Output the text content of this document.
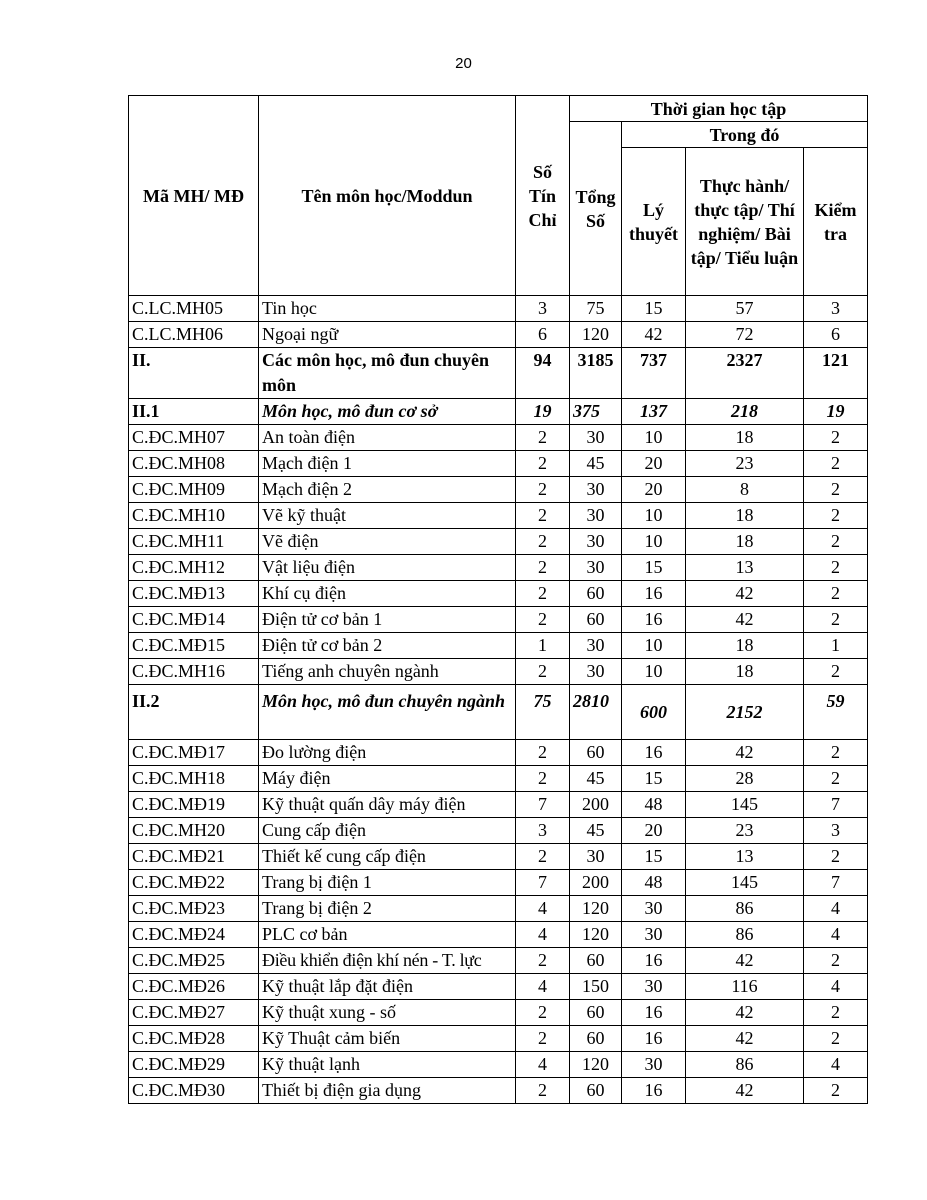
20
Mã MH/ MĐ	Tên môn học/Moddun	Số Tín Chỉ	Thời gian học tập			
			Tổng Số	Trong đó		
				Lý thuyết	Thực hành/ thực tập/ Thí nghiệm/ Bài tập/ Tiểu luận	Kiểm tra
C.LC.MH05	Tin học	3	75	15	57	3
C.LC.MH06	Ngoại ngữ	6	120	42	72	6
II.	Các môn học, mô đun chuyên môn	94	3185	737	2327	121
II.1	Môn học, mô đun cơ sở	19	375	137	218	19
C.ĐC.MH07	An toàn điện	2	30	10	18	2
C.ĐC.MH08	Mạch điện 1	2	45	20	23	2
C.ĐC.MH09	Mạch điện 2	2	30	20	8	2
C.ĐC.MH10	Vẽ kỹ thuật	2	30	10	18	2
C.ĐC.MH11	Vẽ điện	2	30	10	18	2
C.ĐC.MH12	Vật liệu điện	2	30	15	13	2
C.ĐC.MĐ13	Khí cụ điện	2	60	16	42	2
C.ĐC.MĐ14	Điện tử cơ bản 1	2	60	16	42	2
C.ĐC.MĐ15	Điện tử cơ bản 2	1	30	10	18	1
C.ĐC.MH16	Tiếng anh chuyên ngành	2	30	10	18	2
II.2	Môn học, mô đun chuyên ngành	75	2810	600	2152	59
C.ĐC.MĐ17	Đo lường điện	2	60	16	42	2
C.ĐC.MH18	Máy điện	2	45	15	28	2
C.ĐC.MĐ19	Kỹ thuật quấn dây máy điện	7	200	48	145	7
C.ĐC.MH20	Cung cấp điện	3	45	20	23	3
C.ĐC.MĐ21	Thiết kế cung cấp điện	2	30	15	13	2
C.ĐC.MĐ22	Trang bị điện 1	7	200	48	145	7
C.ĐC.MĐ23	Trang bị điện 2	4	120	30	86	4
C.ĐC.MĐ24	PLC cơ bản	4	120	30	86	4
C.ĐC.MĐ25	Điều khiển điện khí nén - T. lực	2	60	16	42	2
C.ĐC.MĐ26	Kỹ thuật lắp đặt điện	4	150	30	116	4
C.ĐC.MĐ27	Kỹ thuật xung - số	2	60	16	42	2
C.ĐC.MĐ28	Kỹ Thuật cảm biến	2	60	16	42	2
C.ĐC.MĐ29	Kỹ thuật lạnh	4	120	30	86	4
C.ĐC.MĐ30	Thiết bị điện gia dụng	2	60	16	42	2
